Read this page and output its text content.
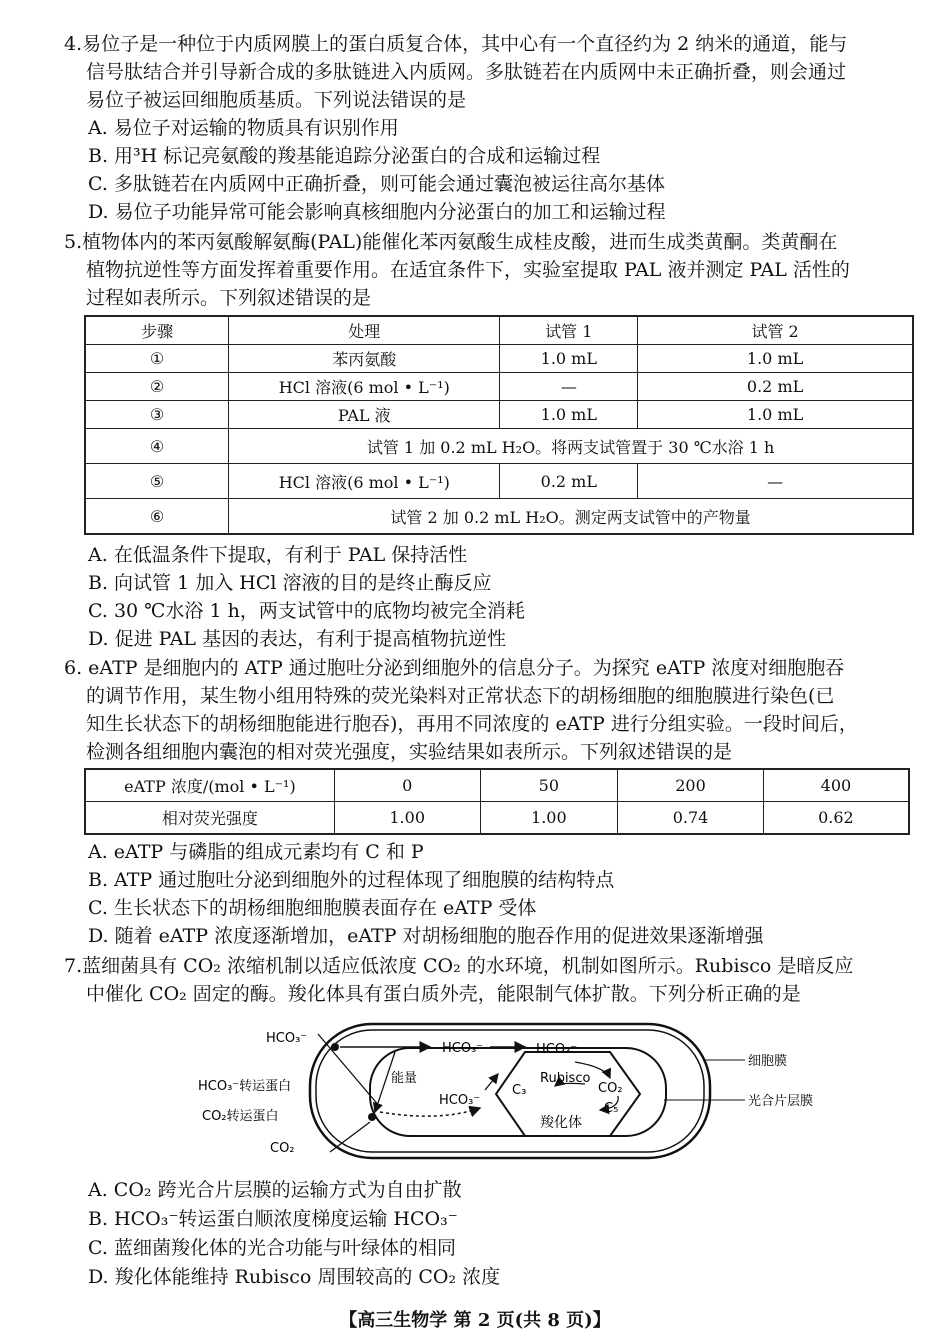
4.易位子是一种位于内质网膜上的蛋白质复合体，其中心有一个直径约为 2 纳米的通道，能与
信号肽结合并引导新合成的多肽链进入内质网。多肽链若在内质网中未正确折叠，则会通过
易位子被运回细胞质基质。下列说法错误的是
A. 易位子对运输的物质具有识别作用
B. 用³H 标记亮氨酸的羧基能追踪分泌蛋白的合成和运输过程
C. 多肽链若在内质网中正确折叠，则可能会通过囊泡被运往高尔基体
D. 易位子功能异常可能会影响真核细胞内分泌蛋白的加工和运输过程
5.植物体内的苯丙氨酸解氨酶(PAL)能催化苯丙氨酸生成桂皮酸，进而生成类黄酮。类黄酮在
植物抗逆性等方面发挥着重要作用。在适宜条件下，实验室提取 PAL 液并测定 PAL 活性的
过程如表所示。下列叙述错误的是
步骤	处理	试管 1	试管 2
①	苯丙氨酸	1.0 mL	1.0 mL
②	HCl 溶液(6 mol • L⁻¹)	—	0.2 mL
③	PAL 液	1.0 mL	1.0 mL
④	试管 1 加 0.2 mL H₂O。将两支试管置于 30 ℃水浴 1 h		
⑤	HCl 溶液(6 mol • L⁻¹)	0.2 mL	—
⑥	试管 2 加 0.2 mL H₂O。测定两支试管中的产物量		
A. 在低温条件下提取，有利于 PAL 保持活性
B. 向试管 1 加入 HCl 溶液的目的是终止酶反应
C. 30 ℃水浴 1 h，两支试管中的底物均被完全消耗
D. 促进 PAL 基因的表达，有利于提高植物抗逆性
6. eATP 是细胞内的 ATP 通过胞吐分泌到细胞外的信息分子。为探究 eATP 浓度对细胞胞吞
的调节作用，某生物小组用特殊的荧光染料对正常状态下的胡杨细胞的细胞膜进行染色(已
知生长状态下的胡杨细胞能进行胞吞)，再用不同浓度的 eATP 进行分组实验。一段时间后，
检测各组细胞内囊泡的相对荧光强度，实验结果如表所示。下列叙述错误的是
eATP 浓度/(mol • L⁻¹)	0	50	200	400
相对荧光强度	1.00	1.00	0.74	0.62
A. eATP 与磷脂的组成元素均有 C 和 P
B. ATP 通过胞吐分泌到细胞外的过程体现了细胞膜的结构特点
C. 生长状态下的胡杨细胞细胞膜表面存在 eATP 受体
D. 随着 eATP 浓度逐渐增加，eATP 对胡杨细胞的胞吞作用的促进效果逐渐增强
7.蓝细菌具有 CO₂ 浓缩机制以适应低浓度 CO₂ 的水环境，机制如图所示。Rubisco 是暗反应
中催化 CO₂ 固定的酶。羧化体具有蛋白质外壳，能限制气体扩散。下列分析正确的是
HCO₃⁻
HCO₃⁻转运蛋白
CO₂转运蛋白
CO₂
能量
HCO₃⁻
HCO₃⁻
HCO₃⁻
C₃
Rubisco
CO₂
C₅
羧化体
细胞膜
光合片层膜
A. CO₂ 跨光合片层膜的运输方式为自由扩散
B. HCO₃⁻转运蛋白顺浓度梯度运输 HCO₃⁻
C. 蓝细菌羧化体的光合功能与叶绿体的相同
D. 羧化体能维持 Rubisco 周围较高的 CO₂ 浓度
【高三生物学 第 2 页(共 8 页)】
